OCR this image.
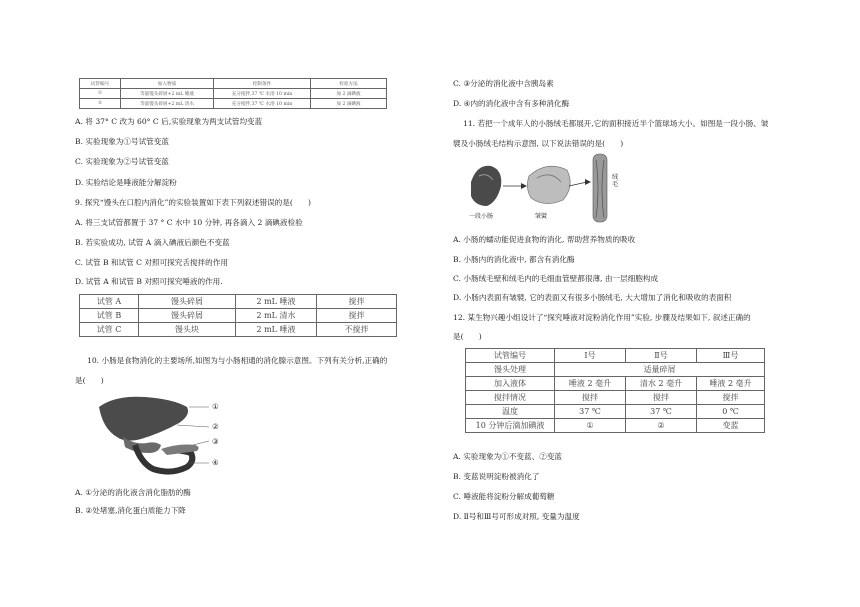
试管编号	加入物质	控制条件	检验方法
①	等量馒头碎屑+2 mL 唾液	充分搅拌,37 ℃ 水浴 10 min	加 2 滴碘液
②	等量馒头碎屑+2 mL 清水	充分搅拌,37 ℃ 水浴 10 min	加 2 滴碘液
A. 将 37° C 改为 60° C 后,实验现象为两支试管均变蓝
B. 实验现象为①号试管变蓝
C. 实验现象为②号试管变蓝
D. 实验结论是唾液能分解淀粉
9. 探究“馒头在口腔内消化”的实验装置如下表下列叙述错误的是(　　)
A. 将三支试管都置于 37 ° C 水中 10 分钟, 再各滴入 2 滴碘液检验
B. 若实验成功, 试管 A 滴入碘液后颜色不变蓝
C. 试管 B 和试管 C 对照可探究舌搅拌的作用
D. 试管 A 和试管 B 对照可探究唾液的作用.
试管 A	馒头碎屑	2 mL 唾液	搅拌
试管 B	馒头碎屑	2 mL 清水	搅拌
试管 C	馒头块	2 mL 唾液	不搅拌
10. 小肠是食物消化的主要场所,如图为与小肠相通的消化腺示意图。下列有关分析,正确的
是(　　)
①
②
③
④
A. ①分泌的消化液含消化脂肪的酶
B. ②处堵塞,消化蛋白质能力下降
C. ③分泌的消化液中含胰岛素
D. ④内的消化液中含有多种消化酶
11. 若把一个成年人的小肠绒毛都展开,它的面积接近半个篮球场大小。如图是一段小肠、皱
襞及小肠绒毛结构示意图, 以下说法错误的是(　　)
绒毛
一段小肠	皱襞
A. 小肠的蠕动能促进食物的消化, 帮助营养物质的吸收
B. 小肠内的消化液中, 都含有消化酶
C. 小肠绒毛壁和绒毛内的毛细血管壁都很薄, 由一层细胞构成
D. 小肠内表面有皱襞, 它的表面又有很多小肠绒毛, 大大增加了消化和吸收的表面积
12. 某生物兴趣小组设计了“探究唾液对淀粉消化作用”实验, 步骤及结果如下, 叙述正确的
是(　　)
试管编号	Ⅰ号	Ⅱ号	Ⅲ号
馒头处理	适量碎屑		
加入液体	唾液 2 毫升	清水 2 毫升	唾液 2 毫升
搅拌情况	搅拌	搅拌	搅拌
温度	37 ℃	37 ℃	0 ℃
10 分钟后滴加碘液	①	②	变蓝
A. 实验现象为①不变蓝、②变蓝
B. 变蓝说明淀粉被消化了
C. 唾液能将淀粉分解成葡萄糖
D. Ⅱ号和Ⅲ号可形成对照, 变量为温度
